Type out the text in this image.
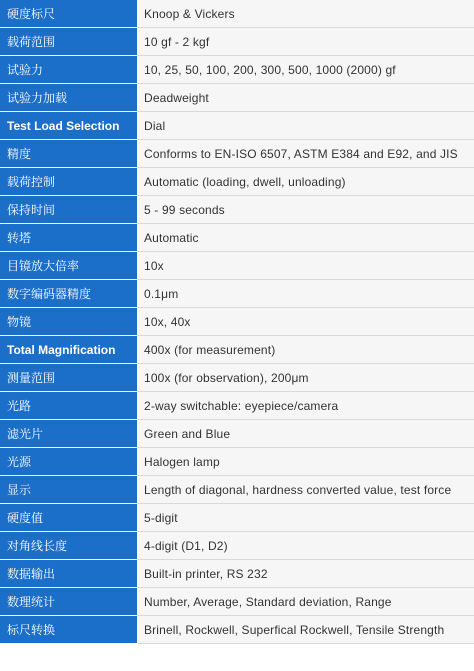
硬度标尺	Knoop & Vickers
载荷范围	10 gf - 2 kgf
试验力	10, 25, 50, 100, 200, 300, 500, 1000 (2000) gf
试验力加载	Deadweight
Test Load Selection	Dial
精度	Conforms to EN-ISO 6507, ASTM E384 and E92, and JIS
载荷控制	Automatic (loading, dwell, unloading)
保持时间	5 - 99 seconds
转塔	Automatic
目镜放大倍率	10x
数字编码器精度	0.1μm
物镜	10x, 40x
Total Magnification	400x (for measurement)
测量范围	100x (for observation), 200μm
光路	2-way switchable: eyepiece/camera
滤光片	Green and Blue
光源	Halogen lamp
显示	Length of diagonal, hardness converted value, test force
硬度值	5-digit
对角线长度	4-digit (D1, D2)
数据输出	Built-in printer, RS 232
数理统计	Number, Average, Standard deviation, Range
标尺转换	Brinell, Rockwell, Superfical Rockwell, Tensile Strength
